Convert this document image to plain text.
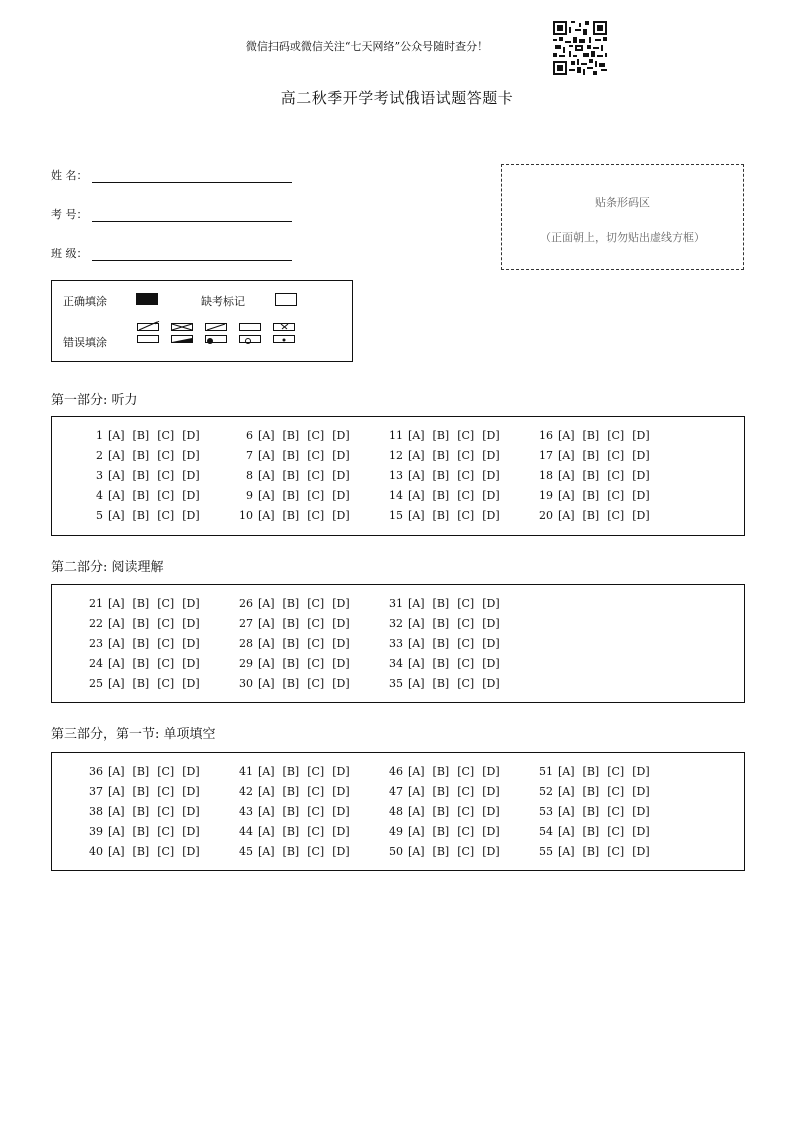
微信扫码或微信关注“七天网络”公众号随时查分！
高二秋季开学考试俄语试题答题卡
姓 名：
考 号：
班 级：
贴条形码区
（正面朝上，切勿贴出虚线方框）
正确填涂	缺考标记
错误填涂
第一部分: 听力
1 [A] [B] [C] [D]
2 [A] [B] [C] [D]
3 [A] [B] [C] [D]
4 [A] [B] [C] [D]
5 [A] [B] [C] [D]
6 [A] [B] [C] [D]
7 [A] [B] [C] [D]
8 [A] [B] [C] [D]
9 [A] [B] [C] [D]
10 [A] [B] [C] [D]
11 [A] [B] [C] [D]
12 [A] [B] [C] [D]
13 [A] [B] [C] [D]
14 [A] [B] [C] [D]
15 [A] [B] [C] [D]
16 [A] [B] [C] [D]
17 [A] [B] [C] [D]
18 [A] [B] [C] [D]
19 [A] [B] [C] [D]
20 [A] [B] [C] [D]
第二部分: 阅读理解
21 [A] [B] [C] [D]
22 [A] [B] [C] [D]
23 [A] [B] [C] [D]
24 [A] [B] [C] [D]
25 [A] [B] [C] [D]
26 [A] [B] [C] [D]
27 [A] [B] [C] [D]
28 [A] [B] [C] [D]
29 [A] [B] [C] [D]
30 [A] [B] [C] [D]
31 [A] [B] [C] [D]
32 [A] [B] [C] [D]
33 [A] [B] [C] [D]
34 [A] [B] [C] [D]
35 [A] [B] [C] [D]
第三部分，第一节: 单项填空
36 [A] [B] [C] [D]
37 [A] [B] [C] [D]
38 [A] [B] [C] [D]
39 [A] [B] [C] [D]
40 [A] [B] [C] [D]
41 [A] [B] [C] [D]
42 [A] [B] [C] [D]
43 [A] [B] [C] [D]
44 [A] [B] [C] [D]
45 [A] [B] [C] [D]
46 [A] [B] [C] [D]
47 [A] [B] [C] [D]
48 [A] [B] [C] [D]
49 [A] [B] [C] [D]
50 [A] [B] [C] [D]
51 [A] [B] [C] [D]
52 [A] [B] [C] [D]
53 [A] [B] [C] [D]
54 [A] [B] [C] [D]
55 [A] [B] [C] [D]
